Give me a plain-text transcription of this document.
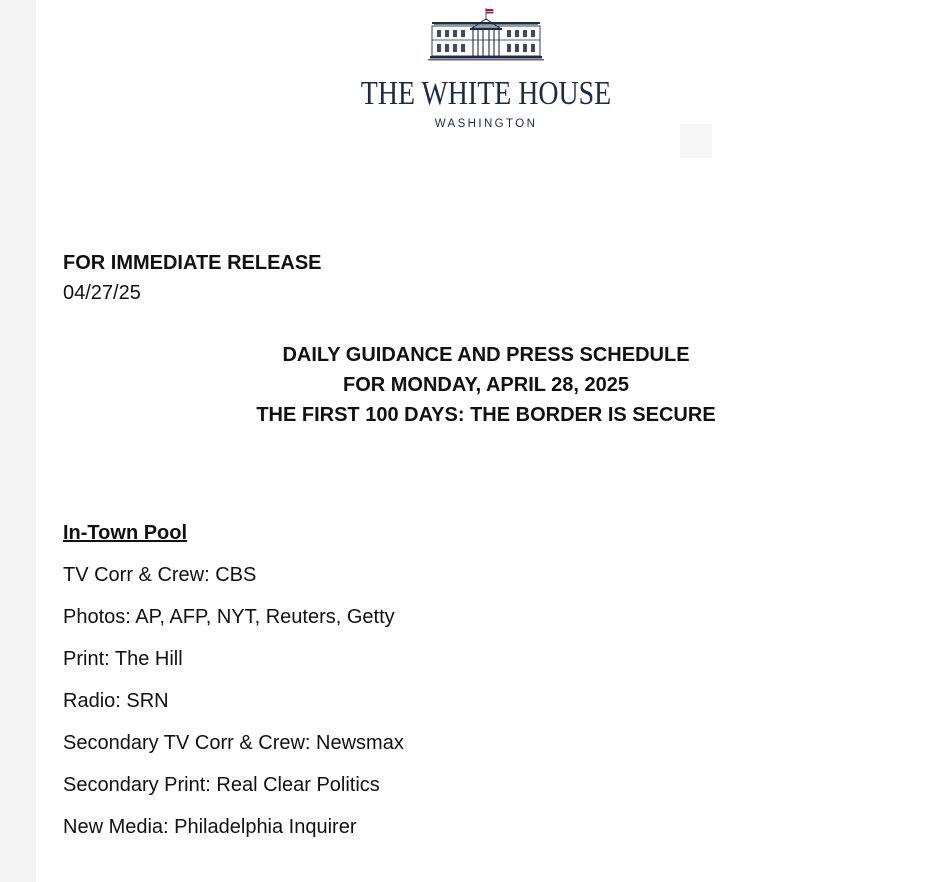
THE WHITE HOUSE
WASHINGTON
FOR IMMEDIATE RELEASE
04/27/25
DAILY GUIDANCE AND PRESS SCHEDULE
FOR MONDAY, APRIL 28, 2025
THE FIRST 100 DAYS: THE BORDER IS SECURE
In-Town Pool
TV Corr & Crew: CBS
Photos: AP, AFP, NYT, Reuters, Getty
Print: The Hill
Radio: SRN
Secondary TV Corr & Crew: Newsmax
Secondary Print: Real Clear Politics
New Media: Philadelphia Inquirer
